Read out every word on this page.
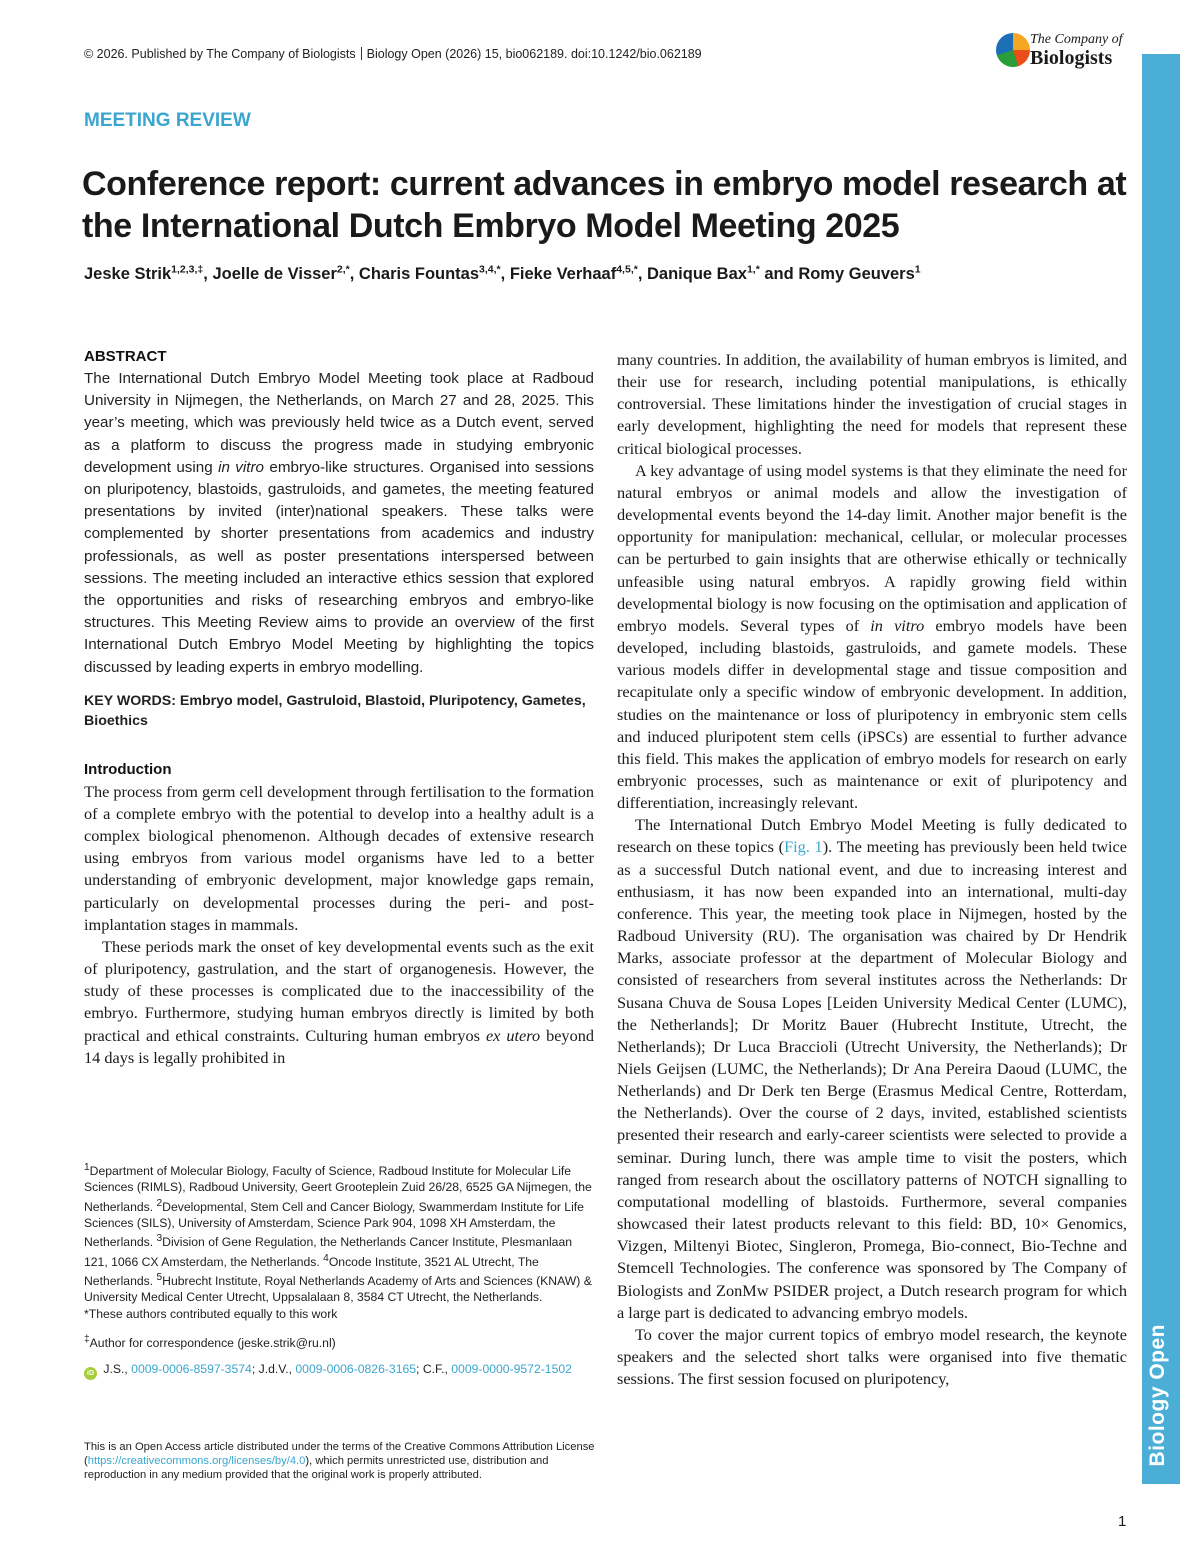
© 2026. Published by The Company of Biologists Biology Open (2026) 15, bio062189. doi:10.1242/bio.062189
The Company of
Biologists
Biology Open
MEETING REVIEW
Conference report: current advances in embryo model research at
the International Dutch Embryo Model Meeting 2025
Jeske Strik$^{1,2,3,\ddagger}$, Joelle de Visser$^{2,*}$, Charis Fountas$^{3,4,*}$, Fieke Verhaaf$^{4,5,*}$, Danique Bax$^{1,*}$ and Romy Geuvers$^1$
ABSTRACT

The International Dutch Embryo Model Meeting took place at Radboud University in Nijmegen, the Netherlands, on March 27 and 28, 2025. This year’s meeting, which was previously held twice as a Dutch event, served as a platform to discuss the progress made in studying embryonic development using in vitro embryo-like structures. Organised into sessions on pluripotency, blastoids, gastruloids, and gametes, the meeting featured presentations by invited (inter)national speakers. These talks were complemented by shorter presentations from academics and industry professionals, as well as poster presentations interspersed between sessions. The meeting included an interactive ethics session that explored the opportunities and risks of researching embryos and embryo-like structures. This Meeting Review aims to provide an overview of the first International Dutch Embryo Model Meeting by highlighting the topics discussed by leading experts in embryo modelling.

KEY WORDS: Embryo model, Gastruloid, Blastoid, Pluripotency, Gametes, Bioethics
Introduction

The process from germ cell development through fertilisation to the formation of a complete embryo with the potential to develop into a healthy adult is a complex biological phenomenon. Although decades of extensive research using embryos from various model organisms have led to a better understanding of embryonic development, major knowledge gaps remain, particularly on developmental processes during the peri- and post-implantation stages in mammals.

These periods mark the onset of key developmental events such as the exit of pluripotency, gastrulation, and the start of organogenesis. However, the study of these processes is complicated due to the inaccessibility of the embryo. Furthermore, studying human embryos directly is limited by both practical and ethical constraints. Culturing human embryos ex utero beyond 14 days is legally prohibited in

$^1$Department of Molecular Biology, Faculty of Science, Radboud Institute for Molecular Life Sciences (RIMLS), Radboud University, Geert Grooteplein Zuid 26/28, 6525 GA Nijmegen, the Netherlands. $^2$Developmental, Stem Cell and Cancer Biology, Swammerdam Institute for Life Sciences (SILS), University of Amsterdam, Science Park 904, 1098 XH Amsterdam, the Netherlands. $^3$Division of Gene Regulation, the Netherlands Cancer Institute, Plesmanlaan 121, 1066 CX Amsterdam, the Netherlands. $^4$Oncode Institute, 3521 AL Utrecht, The Netherlands. $^5$Hubrecht Institute, Royal Netherlands Academy of Arts and Sciences (KNAW) & University Medical Center Utrecht, Uppsalalaan 8, 3584 CT Utrecht, the Netherlands.

*These authors contributed equally to this work

‡Author for correspondence (jeske.strik@ru.nl)

iD J.S., 0009-0006-8597-3574; J.d.V., 0009-0006-0826-3165; C.F., 0009-0000-9572-1502

This is an Open Access article distributed under the terms of the Creative Commons Attribution License (https://creativecommons.org/licenses/by/4.0), which permits unrestricted use, distribution and reproduction in any medium provided that the original work is properly attributed.

many countries. In addition, the availability of human embryos is limited, and their use for research, including potential manipulations, is ethically controversial. These limitations hinder the investigation of crucial stages in early development, highlighting the need for models that represent these critical biological processes.

A key advantage of using model systems is that they eliminate the need for natural embryos or animal models and allow the investigation of developmental events beyond the 14-day limit. Another major benefit is the opportunity for manipulation: mechanical, cellular, or molecular processes can be perturbed to gain insights that are otherwise ethically or technically unfeasible using natural embryos. A rapidly growing field within developmental biology is now focusing on the optimisation and application of embryo models. Several types of in vitro embryo models have been developed, including blastoids, gastruloids, and gamete models. These various models differ in developmental stage and tissue composition and recapitulate only a specific window of embryonic development. In addition, studies on the maintenance or loss of pluripotency in embryonic stem cells and induced pluripotent stem cells (iPSCs) are essential to further advance this field. This makes the application of embryo models for research on early embryonic processes, such as maintenance or exit of pluripotency and differentiation, increasingly relevant.

The International Dutch Embryo Model Meeting is fully dedicated to research on these topics (Fig. 1). The meeting has previously been held twice as a successful Dutch national event, and due to increasing interest and enthusiasm, it has now been expanded into an international, multi-day conference. This year, the meeting took place in Nijmegen, hosted by the Radboud University (RU). The organisation was chaired by Dr Hendrik Marks, associate professor at the department of Molecular Biology and consisted of researchers from several institutes across the Netherlands: Dr Susana Chuva de Sousa Lopes [Leiden University Medical Center (LUMC), the Netherlands]; Dr Moritz Bauer (Hubrecht Institute, Utrecht, the Netherlands); Dr Luca Braccioli (Utrecht University, the Netherlands); Dr Niels Geijsen (LUMC, the Netherlands); Dr Ana Pereira Daoud (LUMC, the Netherlands) and Dr Derk ten Berge (Erasmus Medical Centre, Rotterdam, the Netherlands). Over the course of 2 days, invited, established scientists presented their research and early-career scientists were selected to provide a seminar. During lunch, there was ample time to visit the posters, which ranged from research about the oscillatory patterns of NOTCH signalling to computational modelling of blastoids. Furthermore, several companies showcased their latest products relevant to this field: BD, 10× Genomics, Vizgen, Miltenyi Biotec, Singleron, Promega, Bio-connect, Bio-Techne and Stemcell Technologies. The conference was sponsored by The Company of Biologists and ZonMw PSIDER project, a Dutch research program for which a large part is dedicated to advancing embryo models.

To cover the major current topics of embryo model research, the keynote speakers and the selected short talks were organised into five thematic sessions. The first session focused on pluripotency,

1
